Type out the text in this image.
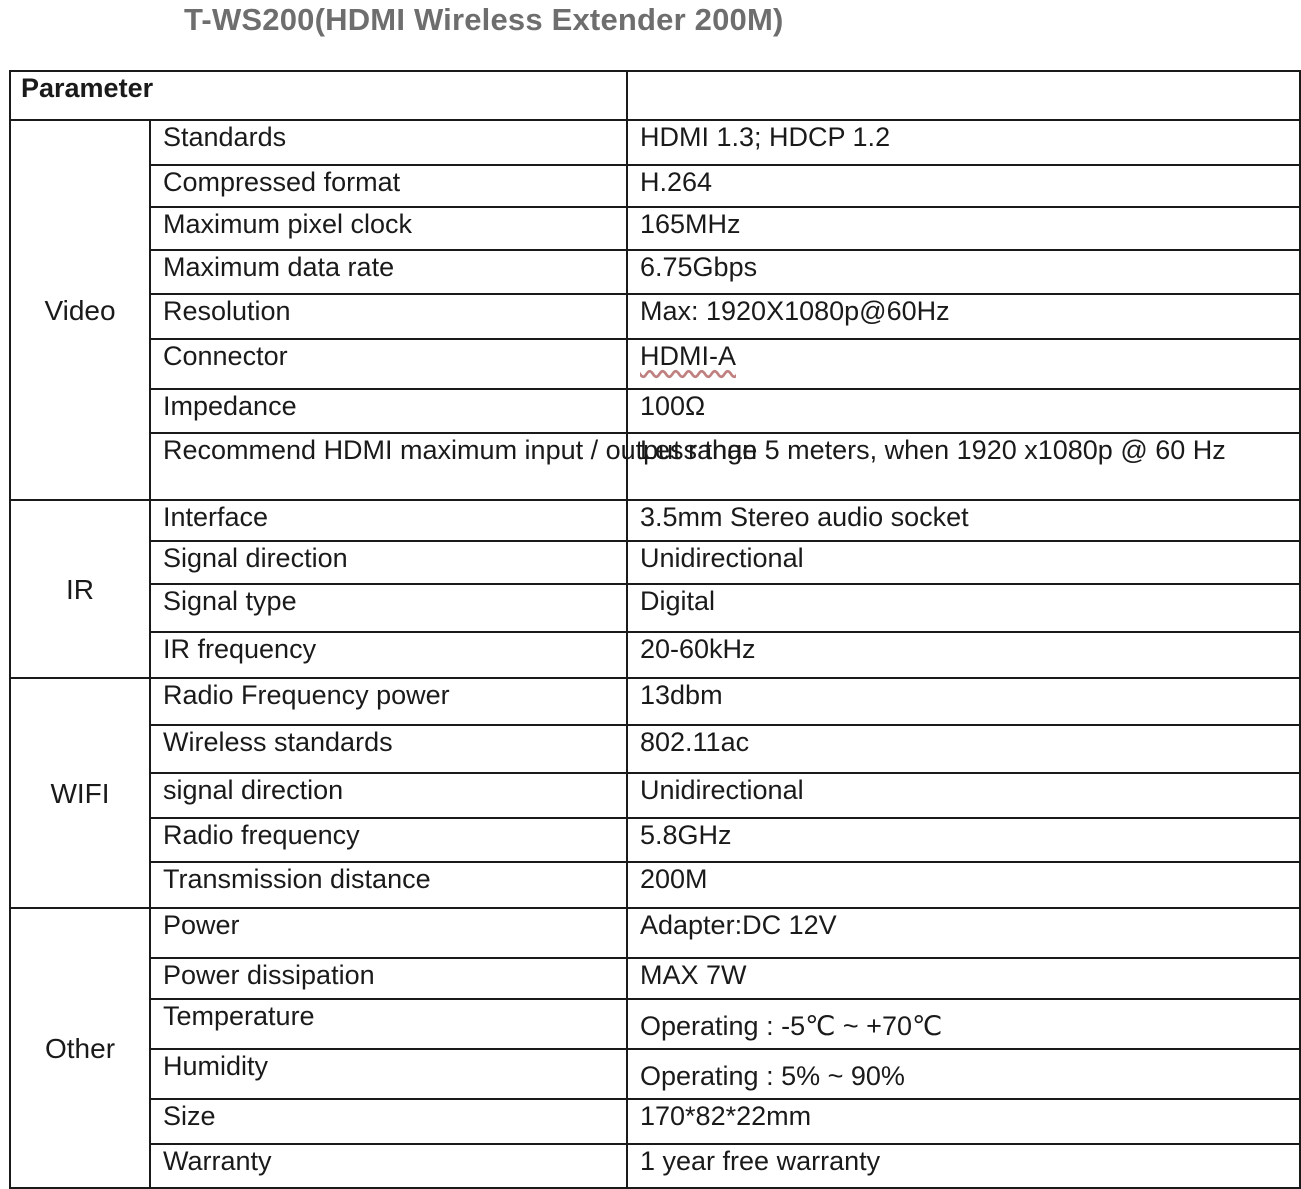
T-WS200(HDMI Wireless Extender 200M)
Parameter		
Video	Standards	HDMI 1.3; HDCP 1.2
	Compressed format	H.264
	Maximum pixel clock	165MHz
	Maximum data rate	6.75Gbps
	Resolution	Max: 1920X1080p@60Hz
	Connector	HDMI-A
	Impedance	100Ω
	Recommend HDMI maximum input / output range	Less than 5 meters, when 1920 x1080p @ 60 Hz
IR	Interface	3.5mm Stereo audio socket
	Signal direction	Unidirectional
	Signal type	Digital
	IR frequency	20-60kHz
WIFI	Radio Frequency power	13dbm
	Wireless standards	802.11ac
	signal direction	Unidirectional
	Radio frequency	5.8GHz
	Transmission distance	200M
Other	Power	Adapter:DC 12V
	Power dissipation	MAX 7W
	Temperature	Operating : -5℃ ~ +70℃
	Humidity	Operating : 5% ~ 90%
	Size	170*82*22mm
	Warranty	1 year free warranty
